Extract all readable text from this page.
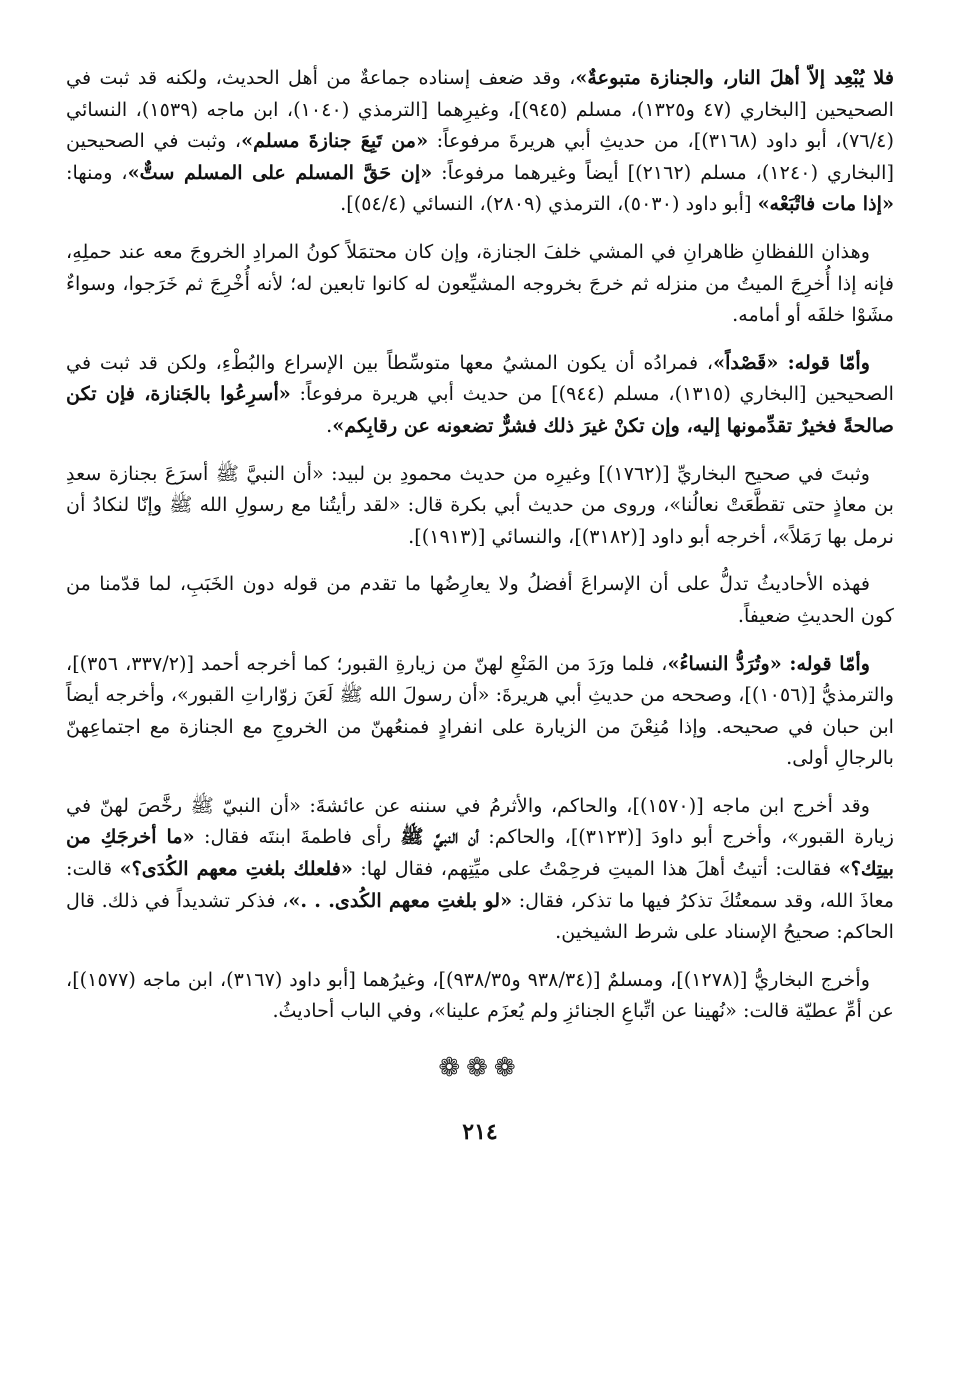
فلا يُبْعِد إلاّ أهلَ النار، والجنازة متبوعةٌ»، وقد ضعف إسناده جماعةٌ من أهل الحديث، ولكنه قد ثبت في الصحيحين [البخاري (٤٧ و١٣٢٥)، مسلم (٩٤٥)]، وغيرِهما [الترمذي (١٠٤٠)، ابن ماجه (١٥٣٩)، النسائي (٧٦/٤)، أبو داود (٣١٦٨)]، من حديثِ أبي هريرةَ مرفوعاً: «من تَبِعَ جنازةَ مسلم»، وثبت في الصحيحين [البخاري (١٢٤٠)، مسلم (٢١٦٢)] أيضاً وغيرهما مرفوعاً: «إن حَقَّ المسلم على المسلم ستٌّ»، ومنها: «إذا مات فاتْبَعْه» [أبو داود (٥٠٣٠)، الترمذي (٢٨٠٩)، النسائي (٥٤/٤)].

وهذان اللفظانِ ظاهرانِ في المشي خلفَ الجنازة، وإن كان محتمَلاً كونُ المرادِ الخروجَ معه عند حملِهِ، فإنه إذا أُخرِجَ الميتُ من منزله ثم خرجَ بخروجه المشيِّعون له كانوا تابعين له؛ لأنه أُخْرِجَ ثم خَرَجوا، وسواءٌ مشَوْا خلفَه أو أمامه.

وأمّا قوله: «قَصْداً»، فمرادُه أن يكون المشيُ معها متوسِّطاً بين الإسراع والبُطْءِ، ولكن قد ثبت في الصحيحين [البخاري (١٣١٥)، مسلم (٩٤٤)] من حديث أبي هريرة مرفوعاً: «أسرِعُوا بالجَنازة، فإن تكن صالحةً فخيرٌ تقدِّمونها إليه، وإن تكنْ غيرَ ذلك فشرٌّ تضعونه عن رقابِكم».

وثبتَ في صحيح البخاريِّ [(١٧٦٢)] وغيرِه من حديث محمودِ بن لبيد: «أن النبيَّ ﷺ أسرَعَ بجنازة سعدِ بن معاذٍ حتى تقطَّعَتْ نعالُنا»، وروى من حديث أبي بكرة قال: «لقد رأيتُنا مع رسولِ الله ﷺ وإنّا لنكادُ أن نرمل بها رَمَلاً»، أخرجه أبو داود [(٣١٨٢)]، والنسائي [(١٩١٣)].

فهذه الأحاديثُ تدلُّ على أن الإسراعَ أفضلُ ولا يعارِضُها ما تقدم من قوله دون الخَبَبِ، لما قدّمنا من كون الحديثِ ضعيفاً.

وأمّا قوله: «وتُرَدُّ النساءُ»، فلما ورَدَ من المَنْعِ لهنّ من زيارةِ القبور؛ كما أخرجه أحمد [(٣٣٧/٢، ٣٥٦)]، والترمذيُّ [(١٠٥٦)]، وصححه من حديثِ أبي هريرةَ: «أن رسولَ الله ﷺ لَعَنَ زوّاراتِ القبور»، وأخرجه أيضاً ابن حبان في صحيحه. وإذا مُنِعْنَ من الزيارة على انفرادٍ فمنعُهنّ من الخروجِ مع الجنازة مع اجتماعِهنّ بالرجالِ أولى.

وقد أخرج ابن ماجه [(١٥٧٠)]، والحاكم، والأثرمُ في سننه عن عائشةَ: «أن النبيّ ﷺ رخَّصَ لهنّ في زيارة القبور»، وأخرج أبو داودَ [(٣١٢٣)]، والحاكم: أن النبيَّ ﷺ رأى فاطمةَ ابنتَه فقال: «ما أخرجَكِ من بيتِك؟» فقالت: أتيتُ أهلَ هذا الميتِ فرحِمْتُ على ميِّتِهم، فقال لها: «فلعلك بلغتِ معهم الكُدَى؟» قالت: معاذَ الله، وقد سمعتُكَ تذكرُ فيها ما تذكر، فقال: «لو بلغتِ معهم الكُدى. . .»، فذكر تشديداً في ذلك. قال الحاكم: صحيحُ الإسناد على شرط الشيخين.

وأخرج البخاريُّ [(١٢٧٨)]، ومسلمٌ [(٩٣٨/٣٤ و٩٣٨/٣٥)]، وغيرُهما [أبو داود (٣١٦٧)، ابن ماجه (١٥٧٧)]، عن أمِّ عطيّة قالت: «نُهينا عن اتِّباعِ الجنائزِ ولم يُعزَم علينا»، وفي الباب أحاديثُ.

❁❁❁
٢١٤
